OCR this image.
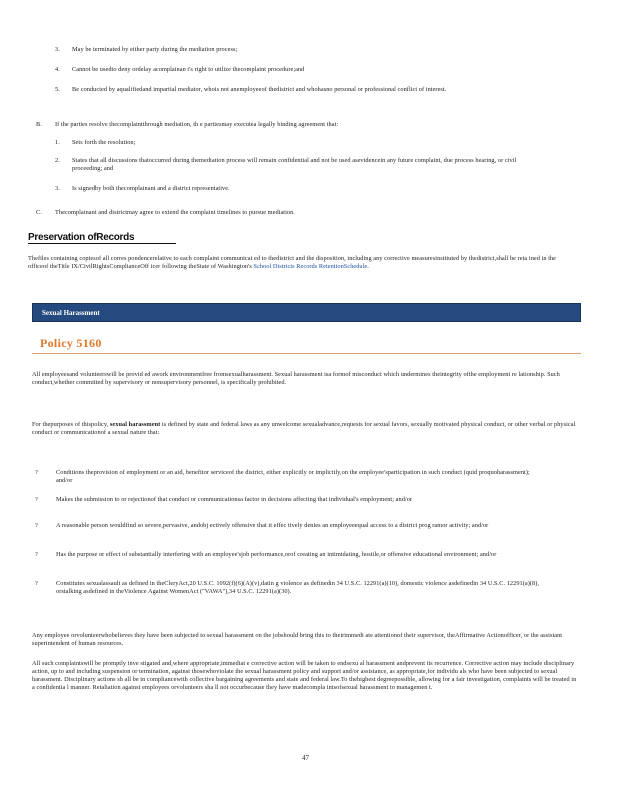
3.	May be terminated by either party during the mediation process;
4.	Cannot be usedto deny ordelay acomplainan t's right to utilize thecomplaint procedure;and
5.	Be conducted by aqualifiedand impartial mediator, whois not anemployeeof thedistrict and whohasno personal or professional conflict of interest.
B.	If the parties resolve thecomplaintthrough mediation, th e partiesmay executea legally binding agreement that:
1.	Sets forth the resolution;
2.	States that all discussions thatoccurred during themediation process will remain confidential and not be used asevidencein any future complaint, due process hearing, or civil proceeding; and
3.	Is signedby both thecomplainant and a district representative.
C.	Thecomplainant and districtmay agree to extend the complaint timelines to pursue mediation.
Preservation ofRecords
Thefiles containing copiesof all corres pondencerelative to each complaint communicat ed to thedistrict and the disposition, including any corrective measuresinstituted by thedistrict,shall be reta ined in the officeof theTitle IX/CivilRightsComplianceOff icer following theState of Washington's School Districts Records RetentionSchedule.
Sexual Harassment
Policy 5160
All employeesand volunteerswill be provid ed awork environmentfree fromsexualharassment. Sexual harassment isa formof misconduct which undermines theintegrity ofthe employment re lationship. Such conduct,whether committed by supervisory or nonsupervisory personnel, is specifically prohibited.
For thepurposes of thispolicy, sexual harassment is defined by state and federal laws as any unwelcome sexualadvance,requests for sexual favors, sexually motivated physical conduct, or other verbal or physical conduct or communicationof a sexual nature that:
?	Conditions theprovision of employment or an aid, benefitor serviceof the district, either explicitly or implicitly,on the employee'sparticipation in such conduct (quid proquoharassment); and/or
?	Makes the submission to or rejectionof that conduct or communicationsa factor in decisions affecting that individual's employment; and/or
?	A reasonable person wouldfind so severe,pervasive, andobj ectively offensive that it effec tively denies an employeeequal access to a district prog ramor activity; and/or
?	Has the purpose or effect of substantially interfering with an employee'sjob performance,orof creating an intimidating, hostile,or offensive educational environment; and/or
?	Constitutes sexualassault as defined in theCleryAct,20 U.S.C. 1092(f)(6)(A)(v),datin g violence as definedin 34 U.S.C. 12291(a)(10), domestic violence asdefinedin 34 U.S.C. 12291(a)(8), orstalking asdefined in theViolence Against WomenAct ("VAWA"),34 U.S.C. 12291(a)(30).
Any employee orvolunteerwhobelieves they have been subjected to sexual harassment on the jobshould bring this to theirimmedi ate attentionof their supervisor, theAffirmative Actionofficer, or the assistant superintendent of human resources.
All such complaintswill be promptly inve stigated and,where appropriate,immediat e corrective action will be taken to endsexu al harassment andprevent its recurrence. Corrective action may include disciplinary action, up to and including suspension or termination, against thosewhoviolate the sexual harassment policy and support and/or assistance, as appropriate,for individu als who have been subjected to sexual harassment. Disciplinary actions sh all be in compliancewith collective bargaining agreements and state and federal law.To thehighest degreepossible, allowing for a fair investigation, complaints will be treated in a confidentia l manner. Retaliation against employees orvolunteers sha ll not occurbecause they have madecompla intsofsexual harassment to managemen t.
47
